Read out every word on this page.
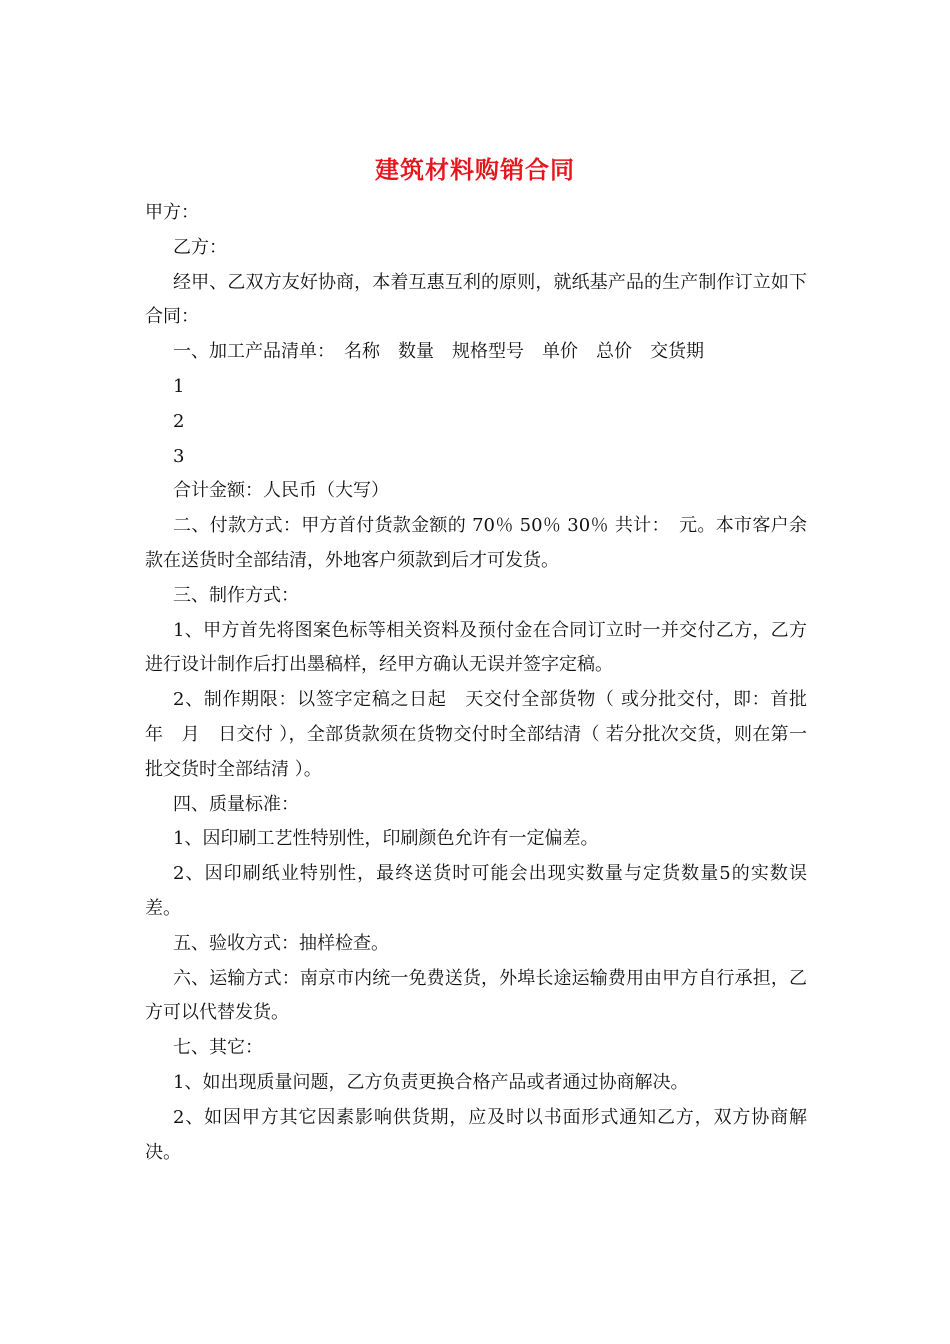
建筑材料购销合同

甲方：

乙方：

经甲、乙双方友好协商，本着互惠互利的原则，就纸基产品的生产制作订立如下合同：

一、加工产品清单：　名称　数量　规格型号　单价　总价　交货期

1

2

3

合计金额：人民币（大写）

二、付款方式：甲方首付货款金额的 70％ 50％ 30％ 共计：　元。本市客户余款在送货时全部结清，外地客户须款到后才可发货。

三、制作方式：

1、甲方首先将图案色标等相关资料及预付金在合同订立时一并交付乙方，乙方进行设计制作后打出墨稿样，经甲方确认无误并签字定稿。

2、制作期限：以签字定稿之日起　天交付全部货物（ 或分批交付，即：首批　年　月　日交付 ），全部货款须在货物交付时全部结清（ 若分批次交货，则在第一批交货时全部结清 ）。

四、质量标准：

1、因印刷工艺性特别性，印刷颜色允许有一定偏差。

2、因印刷纸业特别性，最终送货时可能会出现实数量与定货数量5的实数误差。

五、验收方式：抽样检查。

六、运输方式：南京市内统一免费送货，外埠长途运输费用由甲方自行承担，乙方可以代替发货。

七、其它：

1、如出现质量问题，乙方负责更换合格产品或者通过协商解决。

2、如因甲方其它因素影响供货期，应及时以书面形式通知乙方，双方协商解决。
